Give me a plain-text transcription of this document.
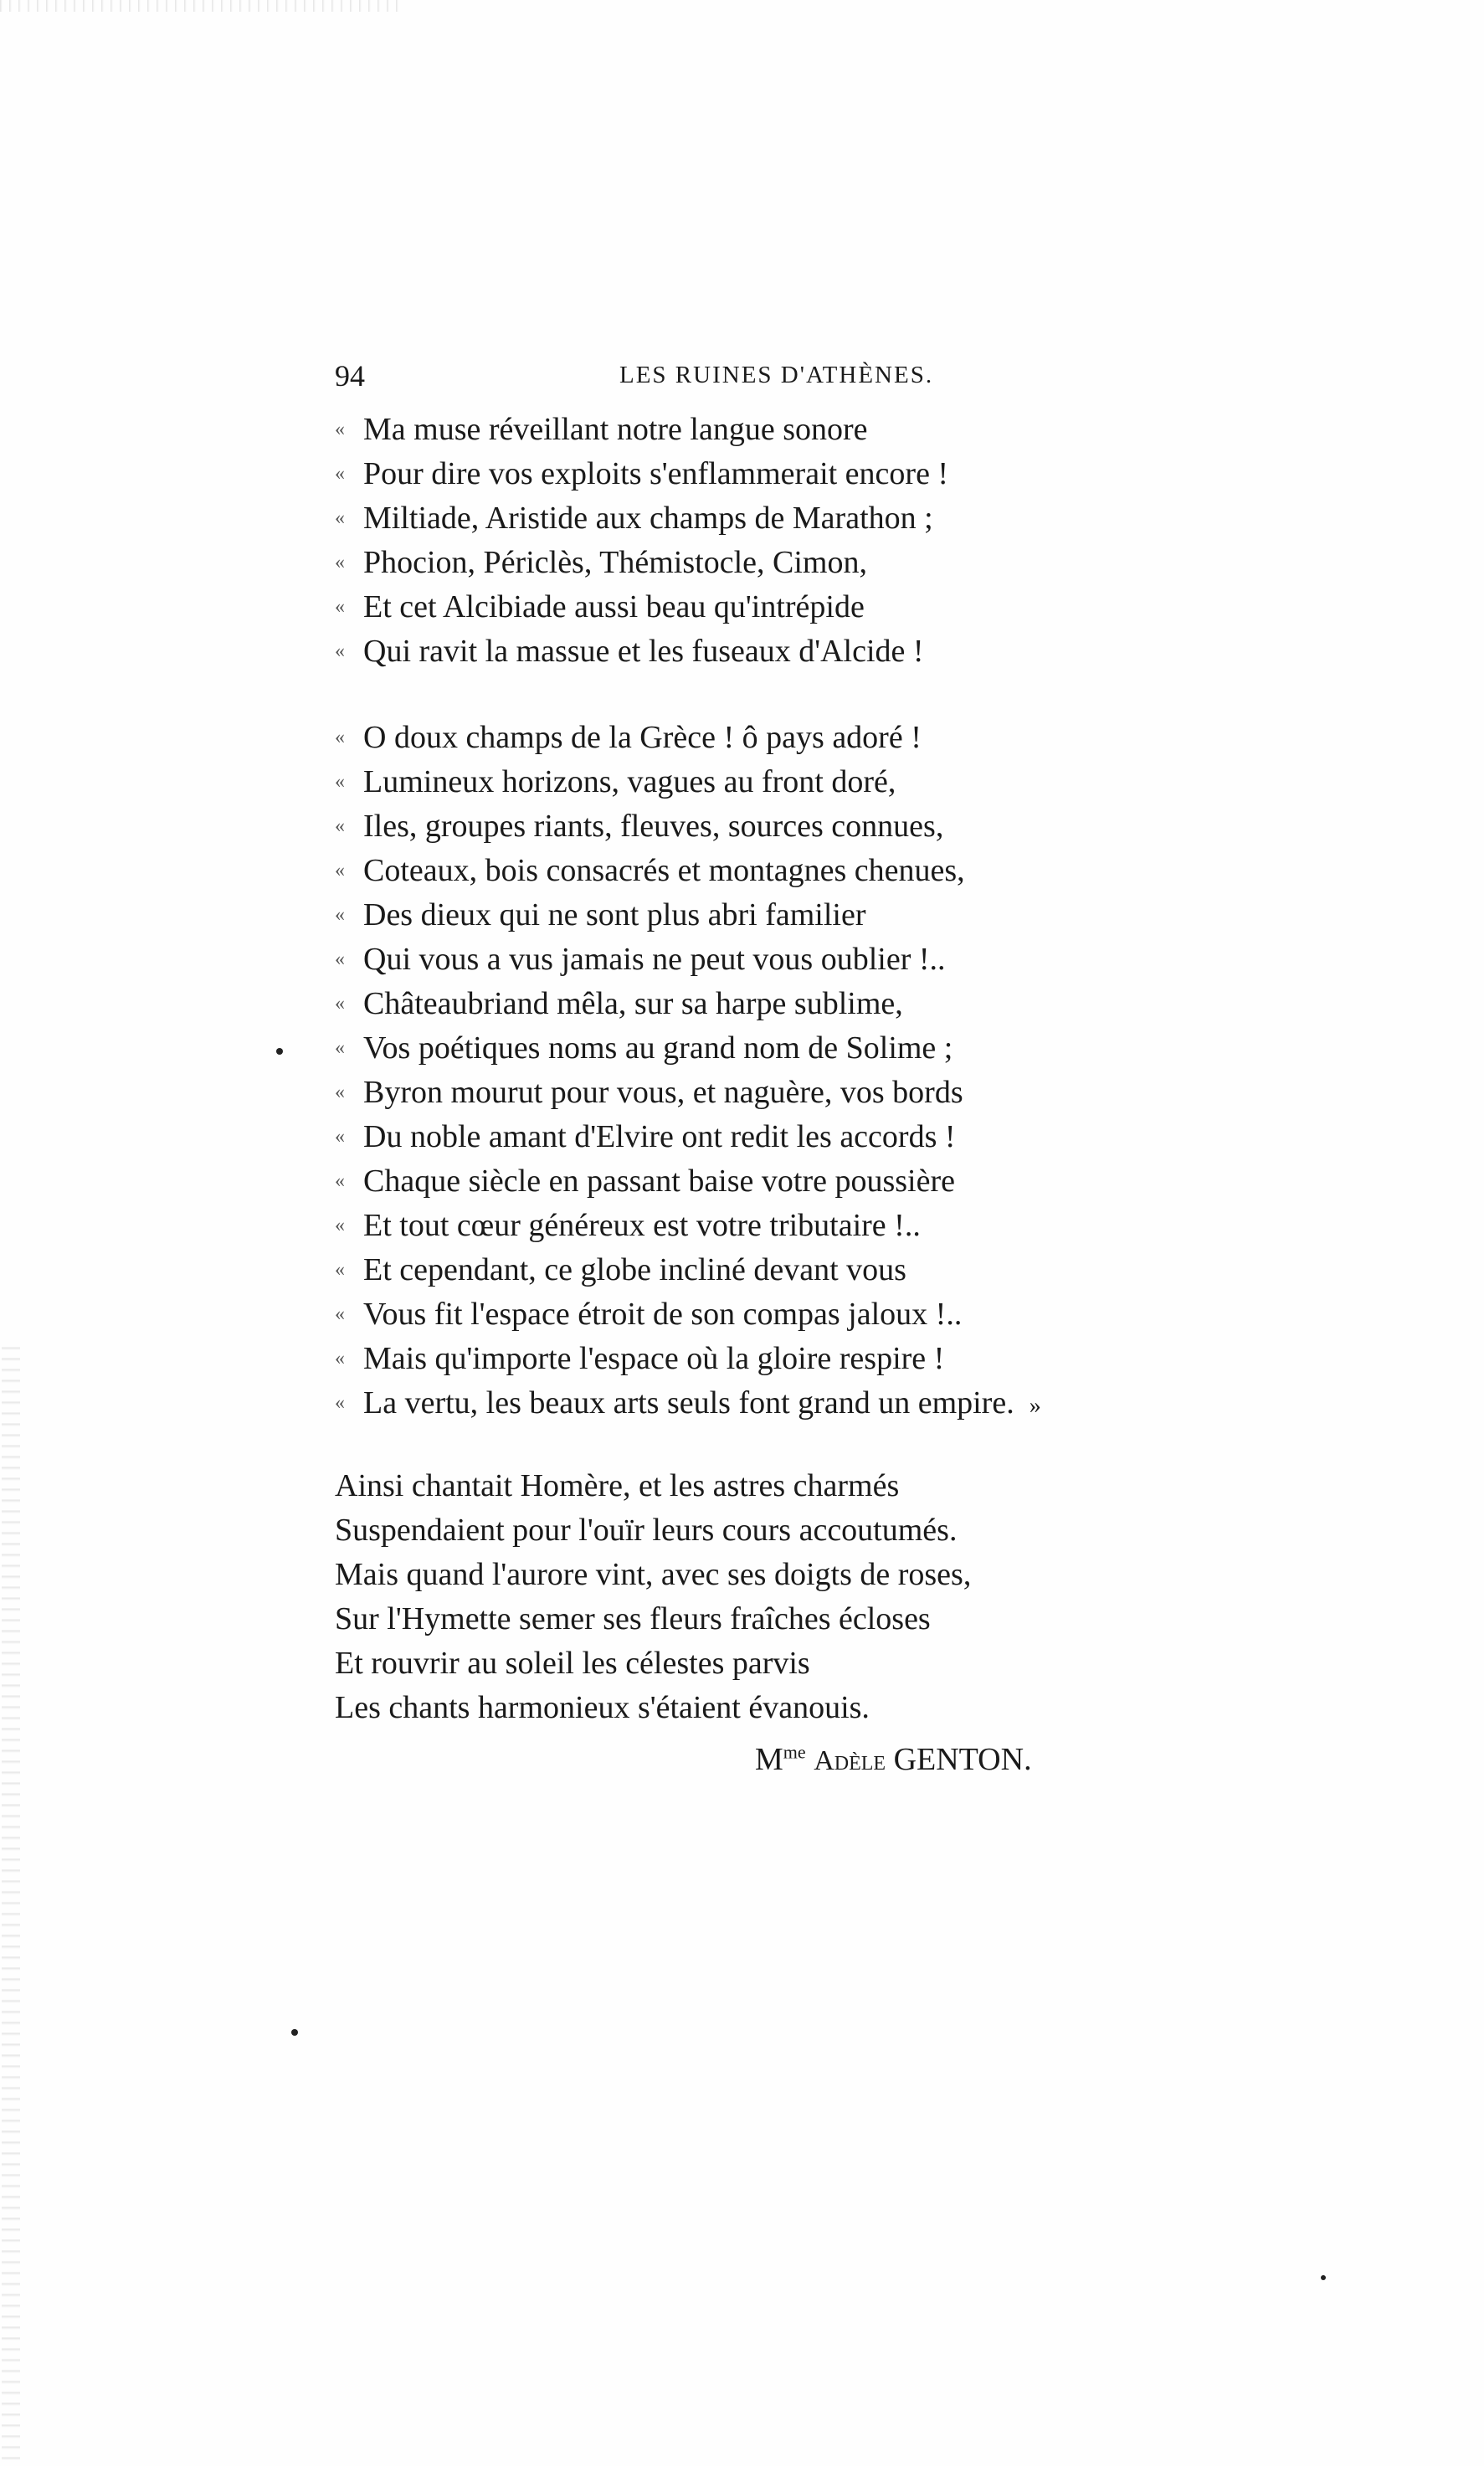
94	LES RUINES D'ATHÈNES.
« Ma muse réveillant notre langue sonore
« Pour dire vos exploits s'enflammerait encore !
« Miltiade, Aristide aux champs de Marathon ;
« Phocion, Périclès, Thémistocle, Cimon,
« Et cet Alcibiade aussi beau qu'intrépide
« Qui ravit la massue et les fuseaux d'Alcide !
« O doux champs de la Grèce ! ô pays adoré !
« Lumineux horizons, vagues au front doré,
« Iles, groupes riants, fleuves, sources connues,
« Coteaux, bois consacrés et montagnes chenues,
« Des dieux qui ne sont plus abri familier
« Qui vous a vus jamais ne peut vous oublier !..
« Châteaubriand mêla, sur sa harpe sublime,
« Vos poétiques noms au grand nom de Solime ;
« Byron mourut pour vous, et naguère, vos bords
« Du noble amant d'Elvire ont redit les accords !
« Chaque siècle en passant baise votre poussière
« Et tout cœur généreux est votre tributaire !..
« Et cependant, ce globe incliné devant vous
« Vous fit l'espace étroit de son compas jaloux !..
« Mais qu'importe l'espace où la gloire respire !
« La vertu, les beaux arts seuls font grand un empire. »
Ainsi chantait Homère, et les astres charmés
Suspendaient pour l'ouïr leurs cours accoutumés.
Mais quand l'aurore vint, avec ses doigts de roses,
Sur l'Hymette semer ses fleurs fraîches écloses
Et rouvrir au soleil les célestes parvis
Les chants harmonieux s'étaient évanouis.
$M^{me}$ Adèle GENTON.
